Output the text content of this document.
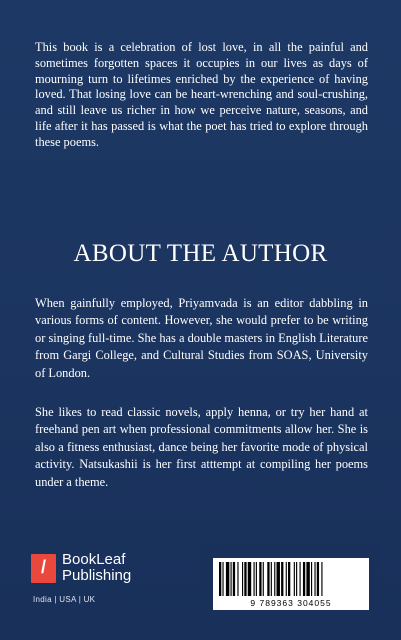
This book is a celebration of lost love, in all the painful and sometimes forgotten spaces it occupies in our lives as days of mourning turn to lifetimes enriched by the experience of having loved. That losing love can be heart-wrenching and soul-crushing, and still leave us richer in how we perceive nature, seasons, and life after it has passed is what the poet has tried to explore through these poems.

ABOUT THE AUTHOR

When gainfully employed, Priyamvada is an editor dabbling in various forms of content. However, she would prefer to be writing or singing full-time. She has a double masters in English Literature from Gargi College, and Cultural Studies from SOAS, University of London.

She likes to read classic novels, apply henna, or try her hand at freehand pen art when professional commitments allow her. She is also a fitness enthusiast, dance being her favorite mode of physical activity. Natsukashii is her first atttempt at compiling her poems under a theme.

/	BookLeaf
Publishing
India | USA | UK	9 789363 304055
